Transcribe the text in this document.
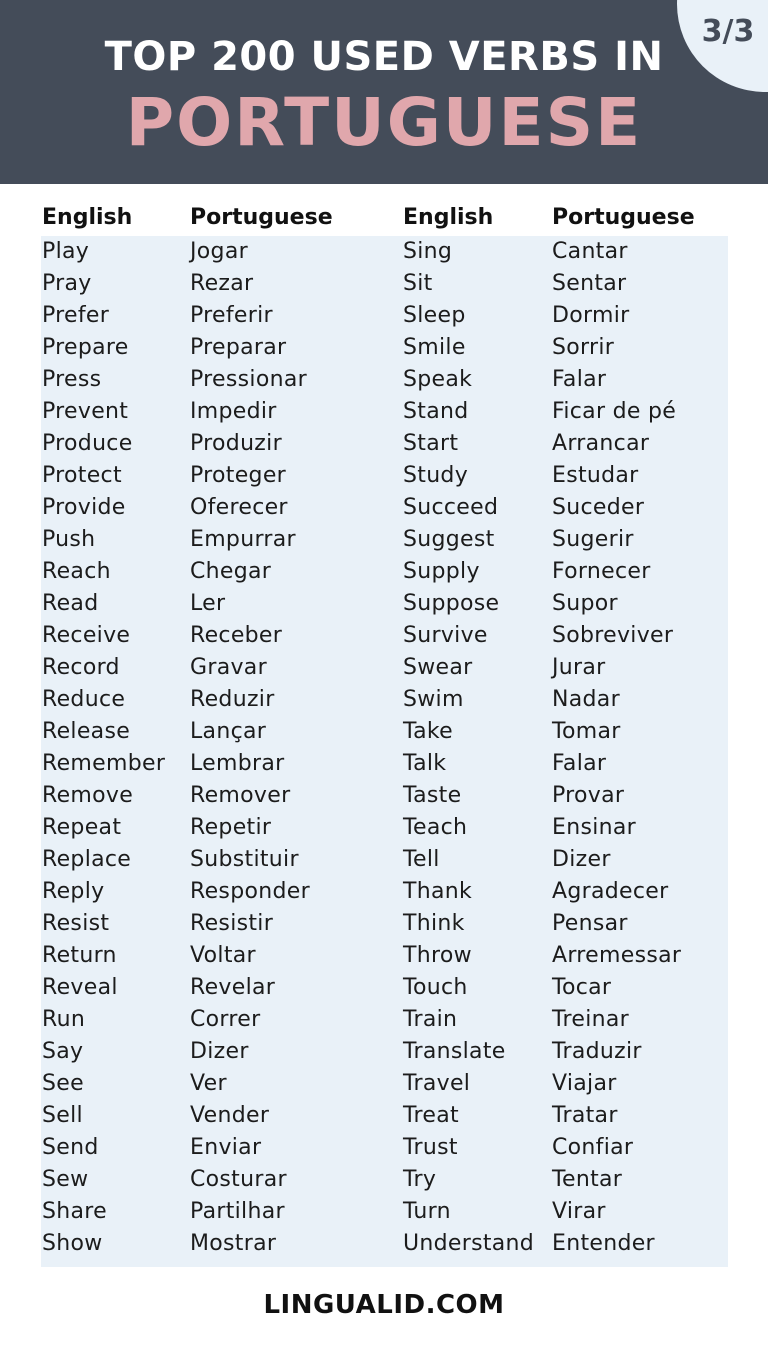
3/3
TOP 200 USED VERBS IN
PORTUGUESE
English	Portuguese	English	Portuguese
Play	Jogar	Sing	Cantar
Pray	Rezar	Sit	Sentar
Prefer	Preferir	Sleep	Dormir
Prepare	Preparar	Smile	Sorrir
Press	Pressionar	Speak	Falar
Prevent	Impedir	Stand	Ficar de pé
Produce	Produzir	Start	Arrancar
Protect	Proteger	Study	Estudar
Provide	Oferecer	Succeed Suceder
Push	Empurrar	Suggest	Sugerir
Reach	Chegar	Supply	Fornecer
Read	Ler	Suppose Supor
Receive	Receber	Survive	Sobreviver
Record	Gravar	Swear	Jurar
Reduce	Reduzir	Swim	Nadar
Release	Lançar	Take	Tomar
Remember Lembrar	Talk	Falar
Remove	Remover	Taste	Provar
Repeat	Repetir	Teach	Ensinar
Replace	Substituir	Tell	Dizer
Reply	Responder	Thank	Agradecer
Resist	Resistir	Think	Pensar
Return	Voltar	Throw	Arremessar
Reveal	Revelar	Touch	Tocar
Run	Correr	Train	Treinar
Say	Dizer	Translate Traduzir
See	Ver	Travel	Viajar
Sell	Vender	Treat	Tratar
Send	Enviar	Trust	Confiar
Sew	Costurar	Try	Tentar
Share	Partilhar	Turn	Virar
Show	Mostrar	Understand Entender
LINGUALID.COM
